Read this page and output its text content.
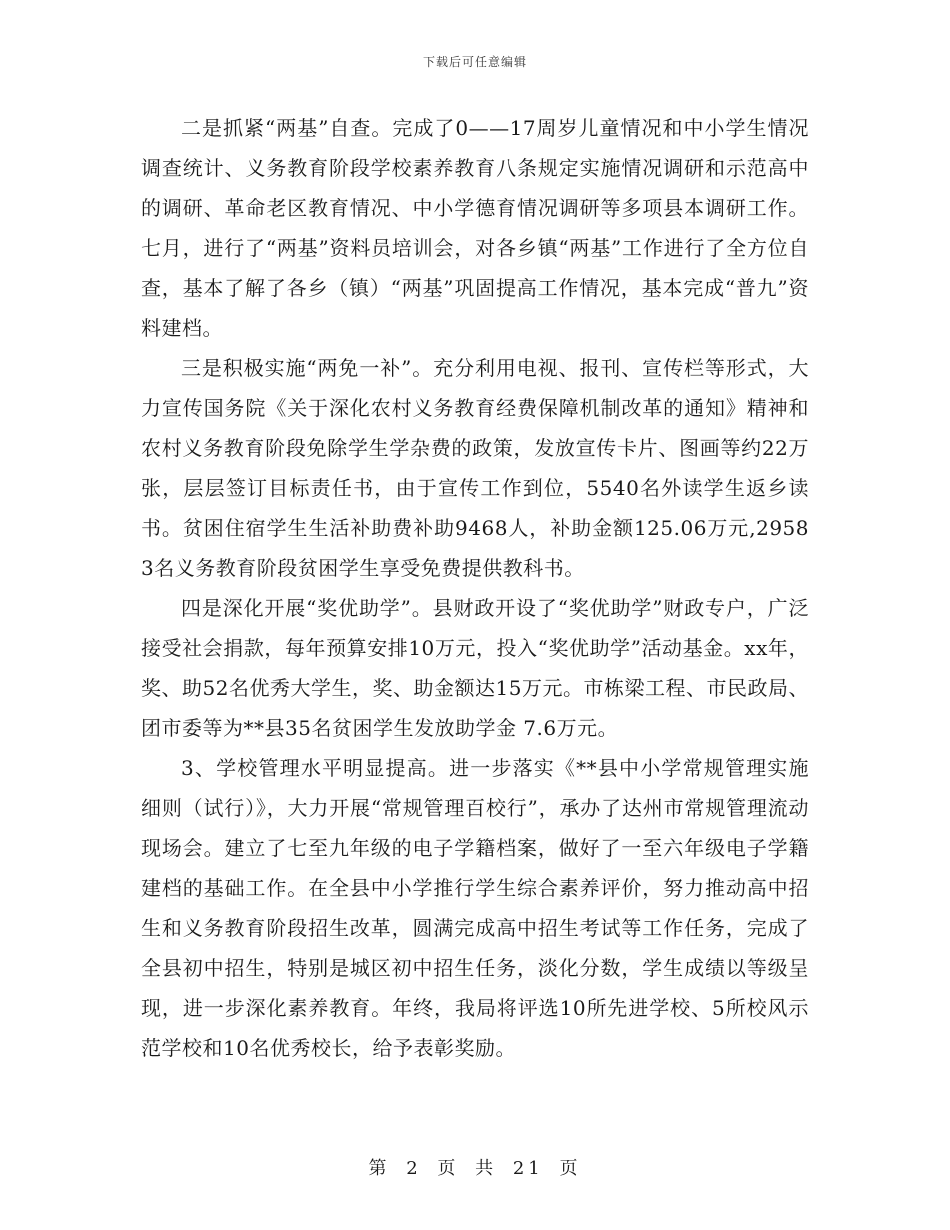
下载后可任意编辑

二是抓紧“两基”自查。完成了0——17周岁儿童情况和中小学生情况调查统计、义务教育阶段学校素养教育八条规定实施情况调研和示范高中的调研、革命老区教育情况、中小学德育情况调研等多项县本调研工作。七月，进行了“两基”资料员培训会，对各乡镇“两基”工作进行了全方位自查，基本了解了各乡（镇）“两基”巩固提高工作情况，基本完成“普九”资料建档。

三是积极实施“两免一补”。充分利用电视、报刊、宣传栏等形式，大力宣传国务院《关于深化农村义务教育经费保障机制改革的通知》精神和农村义务教育阶段免除学生学杂费的政策，发放宣传卡片、图画等约22万张，层层签订目标责任书，由于宣传工作到位，5540名外读学生返乡读书。贫困住宿学生生活补助费补助9468人，补助金额125.06万元,29583名义务教育阶段贫困学生享受免费提供教科书。

四是深化开展“奖优助学”。县财政开设了“奖优助学”财政专户，广泛接受社会捐款，每年预算安排10万元，投入“奖优助学”活动基金。xx年，奖、助52名优秀大学生，奖、助金额达15万元。市栋梁工程、市民政局、团市委等为**县35名贫困学生发放助学金 7.6万元。

3、学校管理水平明显提高。进一步落实《**县中小学常规管理实施细则（试行）》，大力开展“常规管理百校行”，承办了达州市常规管理流动现场会。建立了七至九年级的电子学籍档案，做好了一至六年级电子学籍建档的基础工作。在全县中小学推行学生综合素养评价，努力推动高中招生和义务教育阶段招生改革，圆满完成高中招生考试等工作任务，完成了全县初中招生，特别是城区初中招生任务，淡化分数，学生成绩以等级呈现，进一步深化素养教育。年终，我局将评选10所先进学校、5所校风示范学校和10名优秀校长，给予表彰奖励。

第 2 页 共 21 页
